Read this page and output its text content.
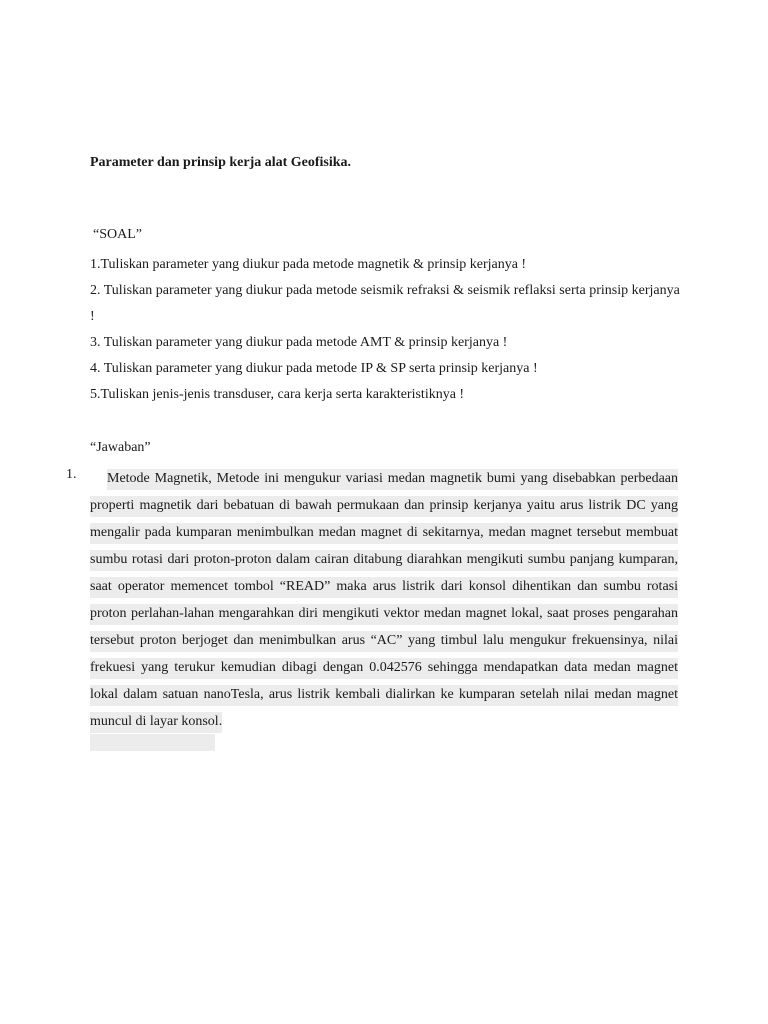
Parameter dan prinsip kerja alat Geofisika.
“SOAL”

1.Tuliskan parameter yang diukur pada metode magnetik & prinsip kerjanya !

2. Tuliskan parameter yang diukur pada metode seismik refraksi & seismik reflaksi serta prinsip kerjanya !

3. Tuliskan parameter yang diukur pada metode AMT & prinsip kerjanya !

4. Tuliskan parameter yang diukur pada metode IP & SP serta prinsip kerjanya !

5.Tuliskan jenis-jenis transduser, cara kerja serta karakteristiknya !

“Jawaban”
1.	Metode Magnetik, Metode ini mengukur variasi medan magnetik bumi yang disebabkan perbedaan properti magnetik dari bebatuan di bawah permukaan dan prinsip kerjanya yaitu arus listrik DC yang mengalir pada kumparan menimbulkan medan magnet di sekitarnya, medan magnet tersebut membuat sumbu rotasi dari proton-proton dalam cairan ditabung diarahkan mengikuti sumbu panjang kumparan, saat operator memencet tombol “READ” maka arus listrik dari konsol dihentikan dan sumbu rotasi proton perlahan-lahan mengarahkan diri mengikuti vektor medan magnet lokal, saat proses pengarahan tersebut proton berjoget dan menimbulkan arus “AC” yang timbul lalu mengukur frekuensinya, nilai frekuesi yang terukur kemudian dibagi dengan 0.042576 sehingga mendapatkan data medan magnet lokal dalam satuan nanoTesla, arus listrik kembali dialirkan ke kumparan setelah nilai medan magnet muncul di layar konsol.
